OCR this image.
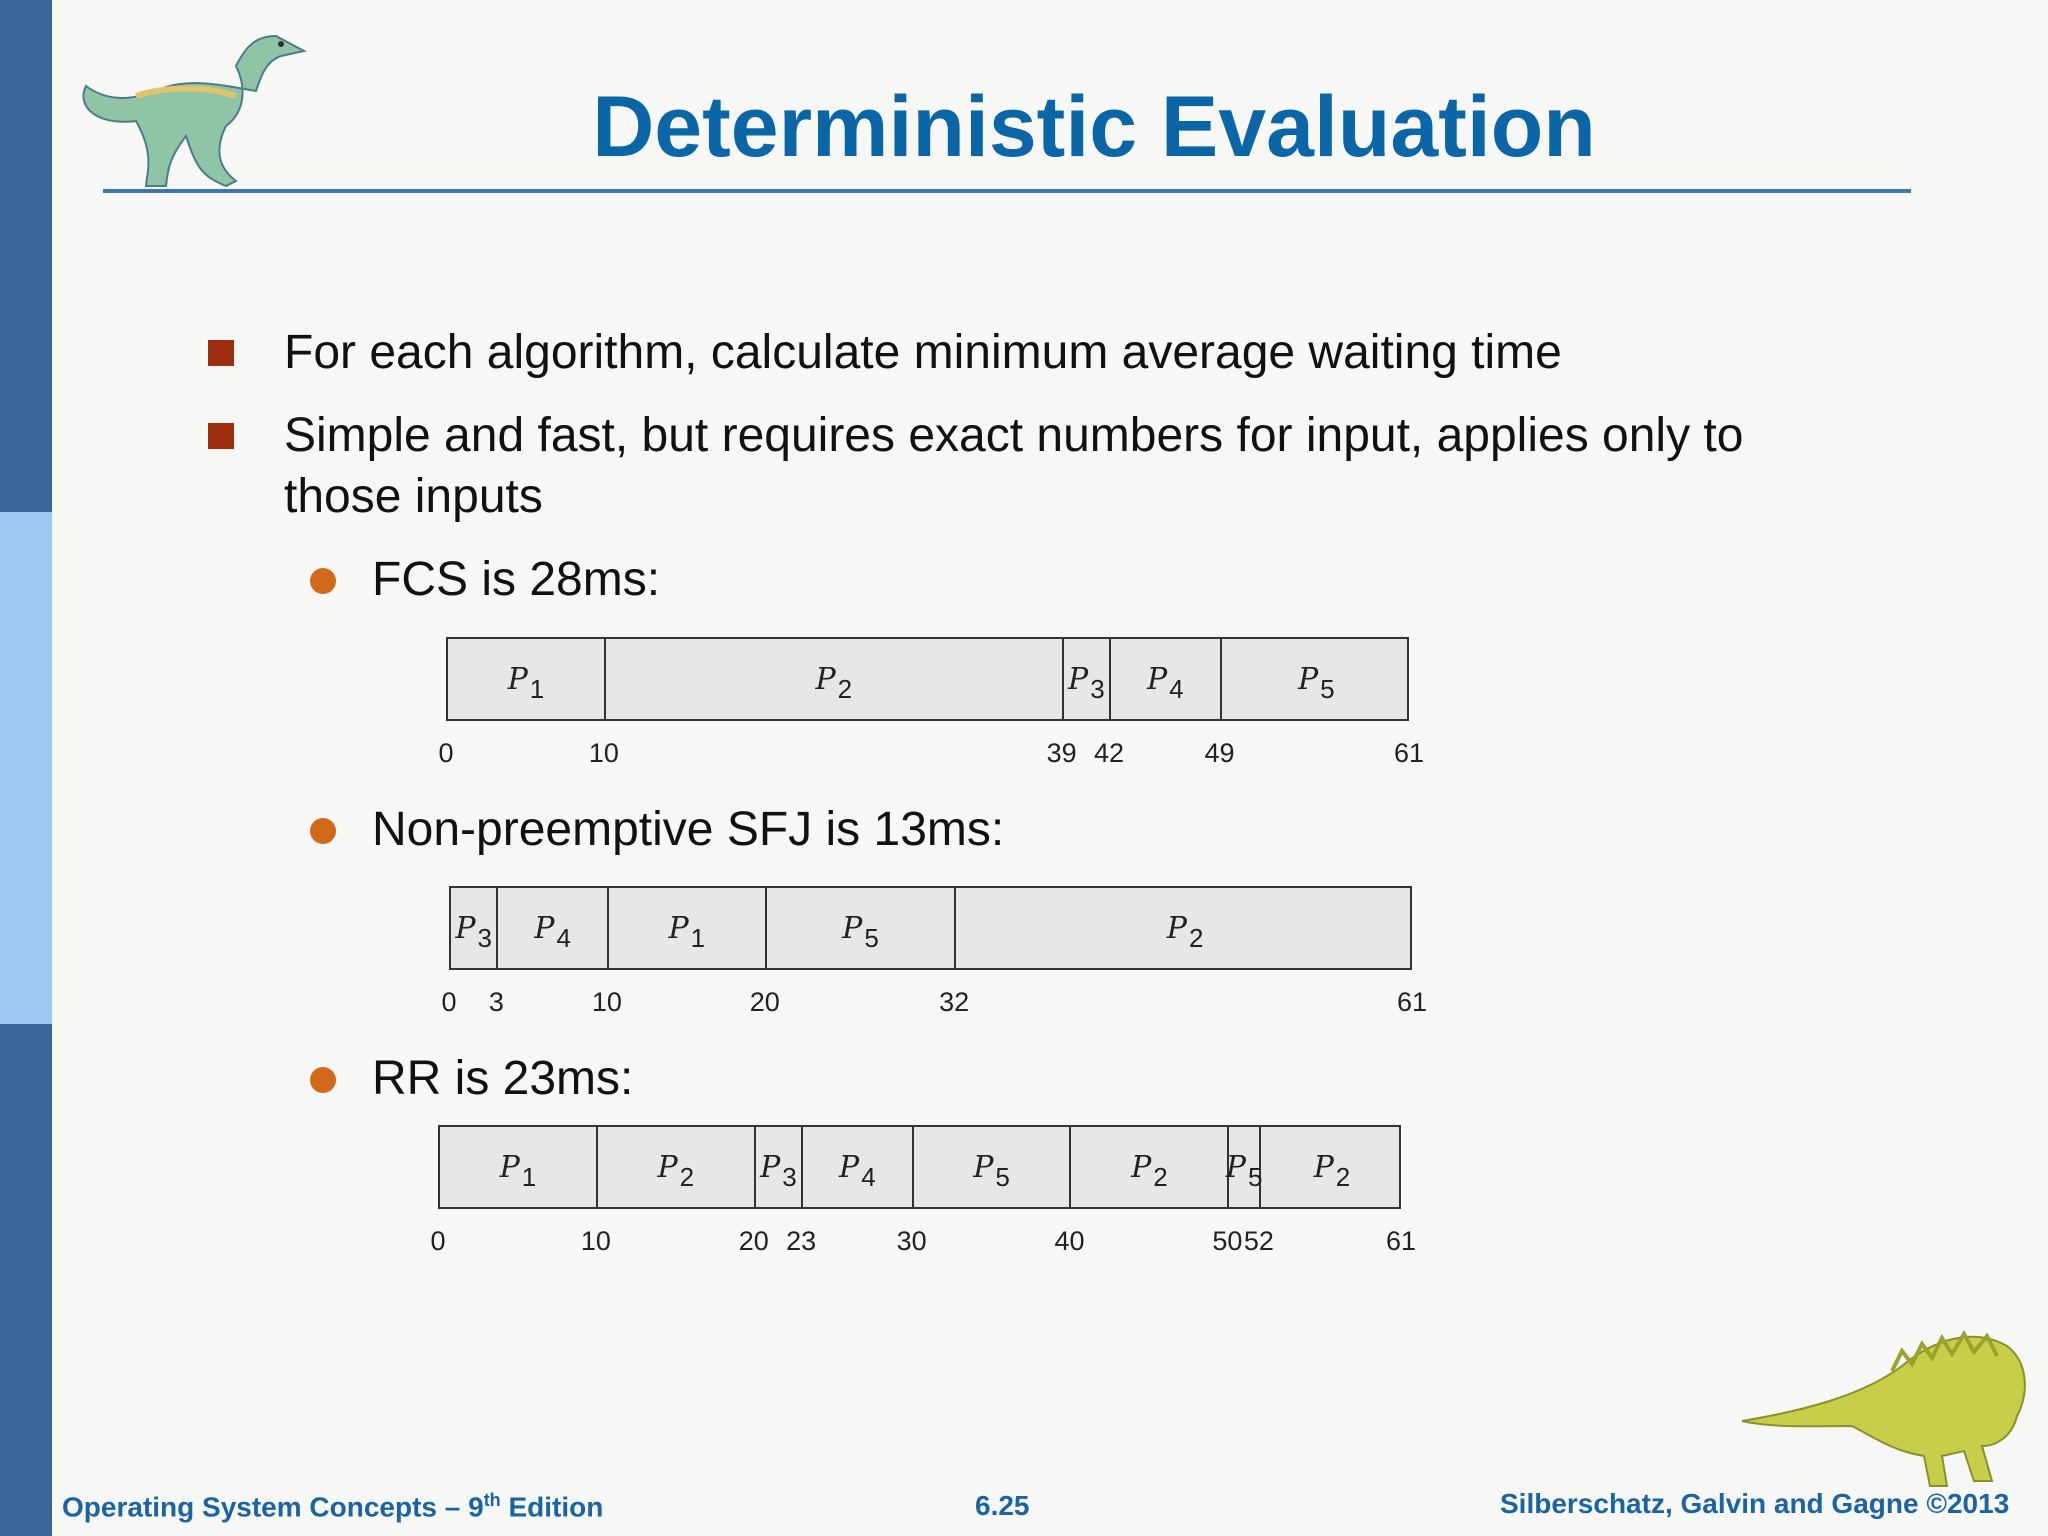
Deterministic Evaluation
For each algorithm, calculate minimum average waiting time
Simple and fast, but requires exact numbers for input, applies only to
those inputs
FCS is 28ms:
P 1	P 2	P 3 P 4	P 5
0	10	39 42	49	61
Non-preemptive SFJ is 13ms:
P 3 P 4	P 1	P 5	P 2
0 3	10	20	32	61
RR is 23ms:
P 1	P 2 P 3 P 4	P 5	P 2 P 5 P 2
0	10	20 23	30	40	50 52	61
Operating System Concepts – 9th Edition	6.25	Silberschatz, Galvin and Gagne ©2013
